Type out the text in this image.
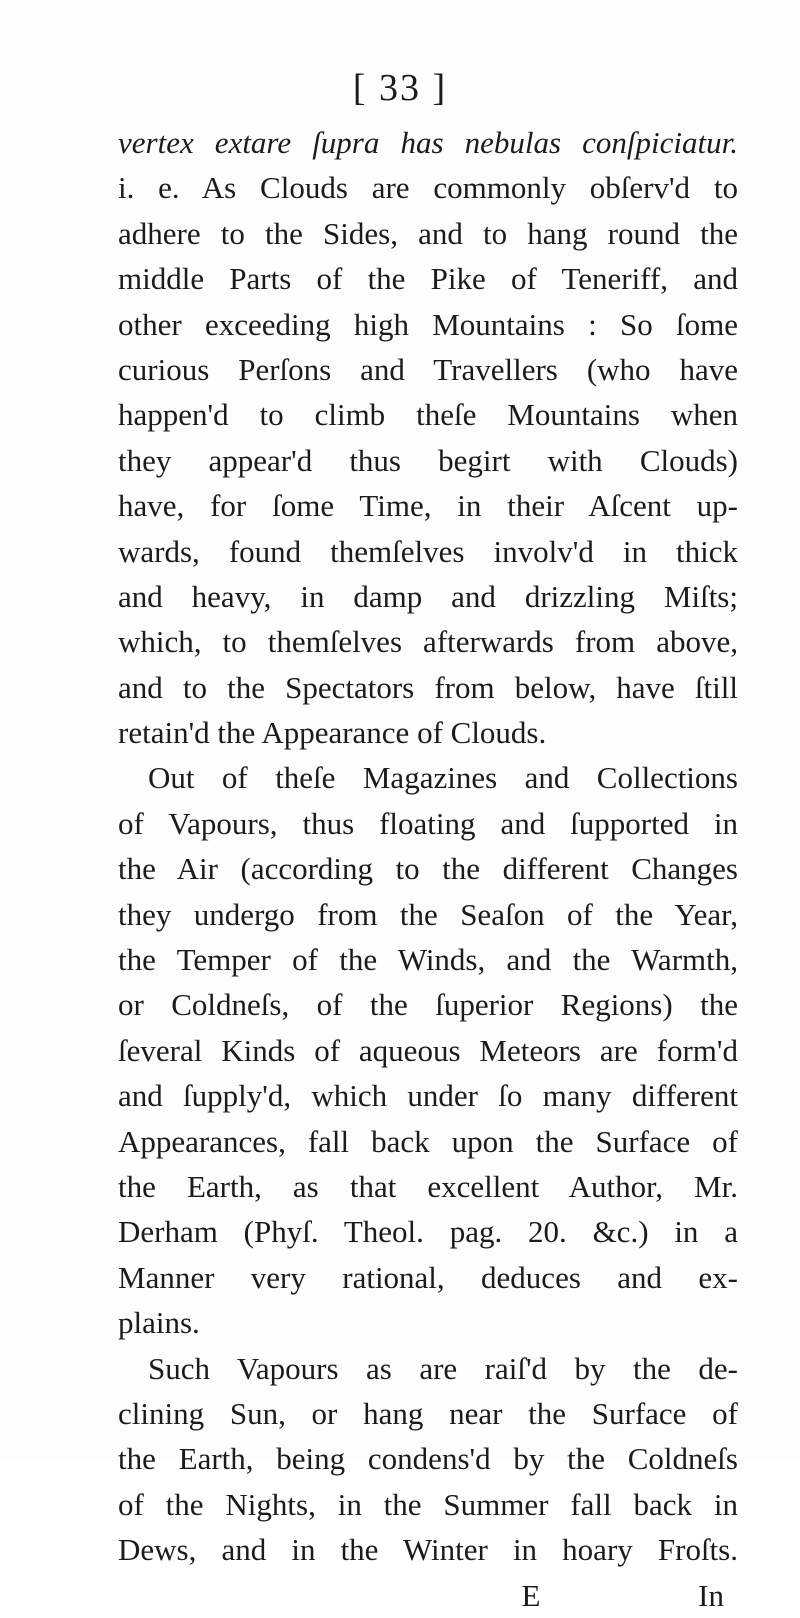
[ 33 ]
vertex extare ſupra has nebulas conſpiciatur.
i. e. As Clouds are commonly obſerv'd to
adhere to the Sides, and to hang round the
middle Parts of the Pike of Teneriff, and
other exceeding high Mountains : So ſome
curious Perſons and Travellers (who have
happen'd to climb theſe Mountains when
they appear'd thus begirt with Clouds)
have, for ſome Time, in their Aſcent up-
wards, found themſelves involv'd in thick
and heavy, in damp and drizzling Miſts;
which, to themſelves afterwards from above,
and to the Spectators from below, have ſtill
retain'd the Appearance of Clouds.
Out of theſe Magazines and Collections
of Vapours, thus floating and ſupported in
the Air (according to the different Changes
they undergo from the Seaſon of the Year,
the Temper of the Winds, and the Warmth,
or Coldneſs, of the ſuperior Regions) the
ſeveral Kinds of aqueous Meteors are form'd
and ſupply'd, which under ſo many different
Appearances, fall back upon the Surface of
the Earth, as that excellent Author, Mr.
Derham (Phyſ. Theol. pag. 20. &c.) in a
Manner very rational, deduces and ex-
plains.
Such Vapours as are raiſ'd by the de-
clining Sun, or hang near the Surface of
the Earth, being condens'd by the Coldneſs
of the Nights, in the Summer fall back in
Dews, and in the Winter in hoary Froſts.
E	In
